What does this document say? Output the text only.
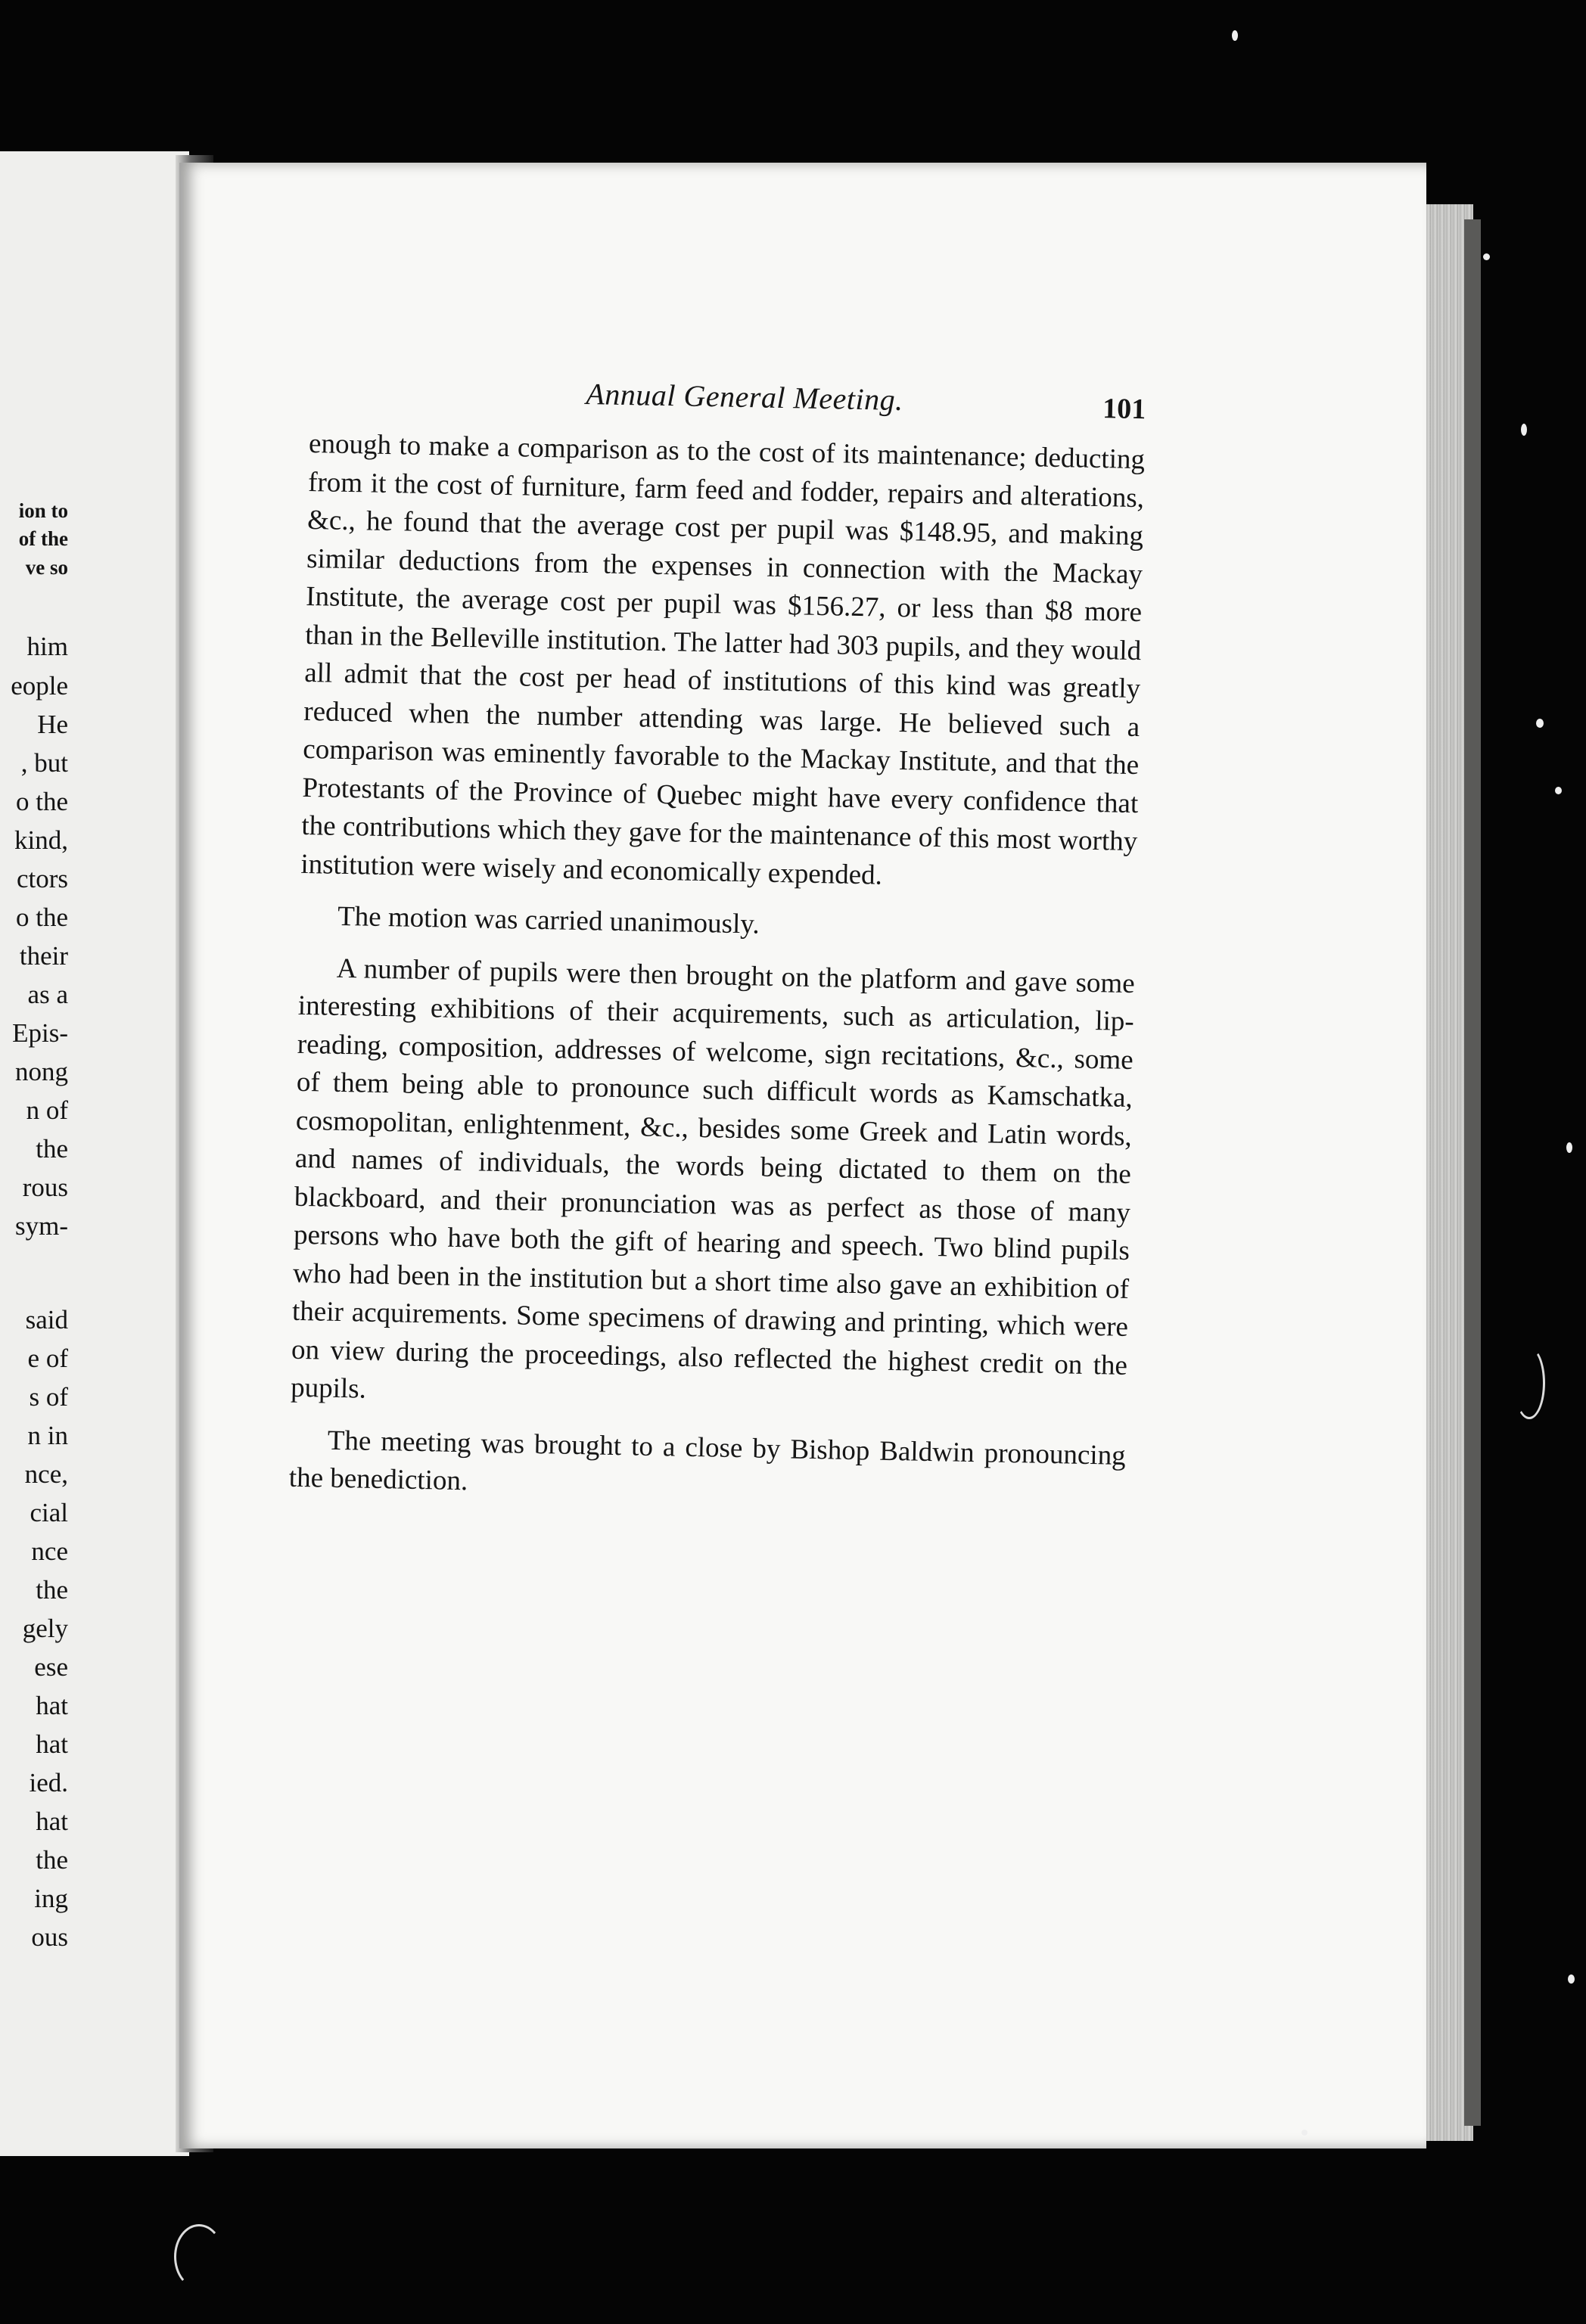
ion to
of the
ve so
him
eople
He
, but
o the
kind,
ctors
o the
their
as a
Epis-
nong
n of
the
rous
sym-
said
e of
s of
n in
nce,
cial
nce
the
gely
ese
hat
hat
ied.
hat
the
ing
ous
Annual General Meeting.	101

enough to make a comparison as to the cost of its maintenance; deducting from it the cost of furniture, farm feed and fodder, repairs and alterations, &c., he found that the average cost per pupil was $148.95, and making similar deductions from the expenses in connection with the Mackay Institute, the average cost per pupil was $156.27, or less than $8 more than in the Belleville institution. The latter had 303 pupils, and they would all admit that the cost per head of institutions of this kind was greatly reduced when the number attending was large. He believed such a comparison was eminently favorable to the Mackay Institute, and that the Protestants of the Province of Quebec might have every confidence that the contributions which they gave for the maintenance of this most worthy institution were wisely and economically expended.

The motion was carried unanimously.

A number of pupils were then brought on the platform and gave some interesting exhibitions of their acquirements, such as articulation, lip-reading, composition, addresses of welcome, sign recitations, &c., some of them being able to pronounce such difficult words as Kamschatka, cosmopolitan, enlightenment, &c., besides some Greek and Latin words, and names of individuals, the words being dictated to them on the blackboard, and their pronunciation was as perfect as those of many persons who have both the gift of hearing and speech. Two blind pupils who had been in the institution but a short time also gave an exhibition of their acquirements. Some specimens of drawing and printing, which were on view during the proceedings, also reflected the highest credit on the pupils.

The meeting was brought to a close by Bishop Baldwin pronouncing the benediction.
